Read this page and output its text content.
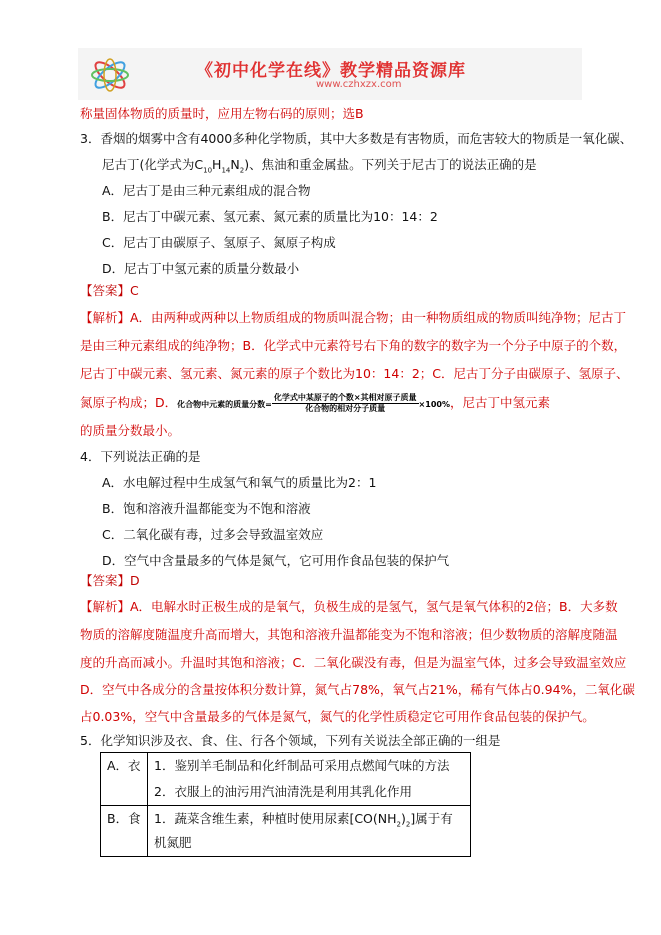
《初中化学在线》教学精品资源库
www.czhxzx.com
称量固体物质的质量时，应用左物右码的原则；选B
3．香烟的烟雾中含有4000多种化学物质，其中大多数是有害物质，而危害较大的物质是一氧化碳、
尼古丁(化学式为$C_{10}H_{14}N_2$)、焦油和重金属盐。下列关于尼古丁的说法正确的是
A．尼古丁是由三种元素组成的混合物
B．尼古丁中碳元素、氢元素、氮元素的质量比为10：14：2
C．尼古丁由碳原子、氢原子、氮原子构成
D．尼古丁中氢元素的质量分数最小
【答案】C
【解析】A．由两种或两种以上物质组成的物质叫混合物；由一种物质组成的物质叫纯净物；尼古丁
是由三种元素组成的纯净物；B．化学式中元素符号右下角的数字的数字为一个分子中原子的个数，
尼古丁中碳元素、氢元素、氮元素的原子个数比为10：14：2；C．尼古丁分子由碳原子、氢原子、
氮原子构成；D．化合物中元素的质量分数= $\frac{\text{化学式中某原子的个数×其相对原子质量}}{\text{化合物的相对分子质量}} \times 100\%$，尼古丁中氢元素
的质量分数最小。
4．下列说法正确的是
A．水电解过程中生成氢气和氧气的质量比为2：1
B．饱和溶液升温都能变为不饱和溶液
C．二氧化碳有毒，过多会导致温室效应
D．空气中含量最多的气体是氮气，它可用作食品包装的保护气
【答案】D
【解析】A．电解水时正极生成的是氧气，负极生成的是氢气，氢气是氧气体积的2倍；B．大多数
物质的溶解度随温度升高而增大，其饱和溶液升温都能变为不饱和溶液；但少数物质的溶解度随温
度的升高而减小。升温时其饱和溶液；C．二氧化碳没有毒，但是为温室气体，过多会导致温室效应
D．空气中各成分的含量按体积分数计算，氮气占78%，氧气占21%，稀有气体占0.94%，二氧化碳
占0.03%，空气中含量最多的气体是氮气，氮气的化学性质稳定它可用作食品包装的保护气。
5．化学知识涉及衣、食、住、行各个领域，下列有关说法全部正确的一组是
A．衣	1．鉴别羊毛制品和化纤制品可采用点燃闻气味的方法
2．衣服上的油污用汽油清洗是利用其乳化作用

B．食	1．蔬菜含维生素，种植时使用尿素$[CO(NH_2)_2]$属于有机氮肥
